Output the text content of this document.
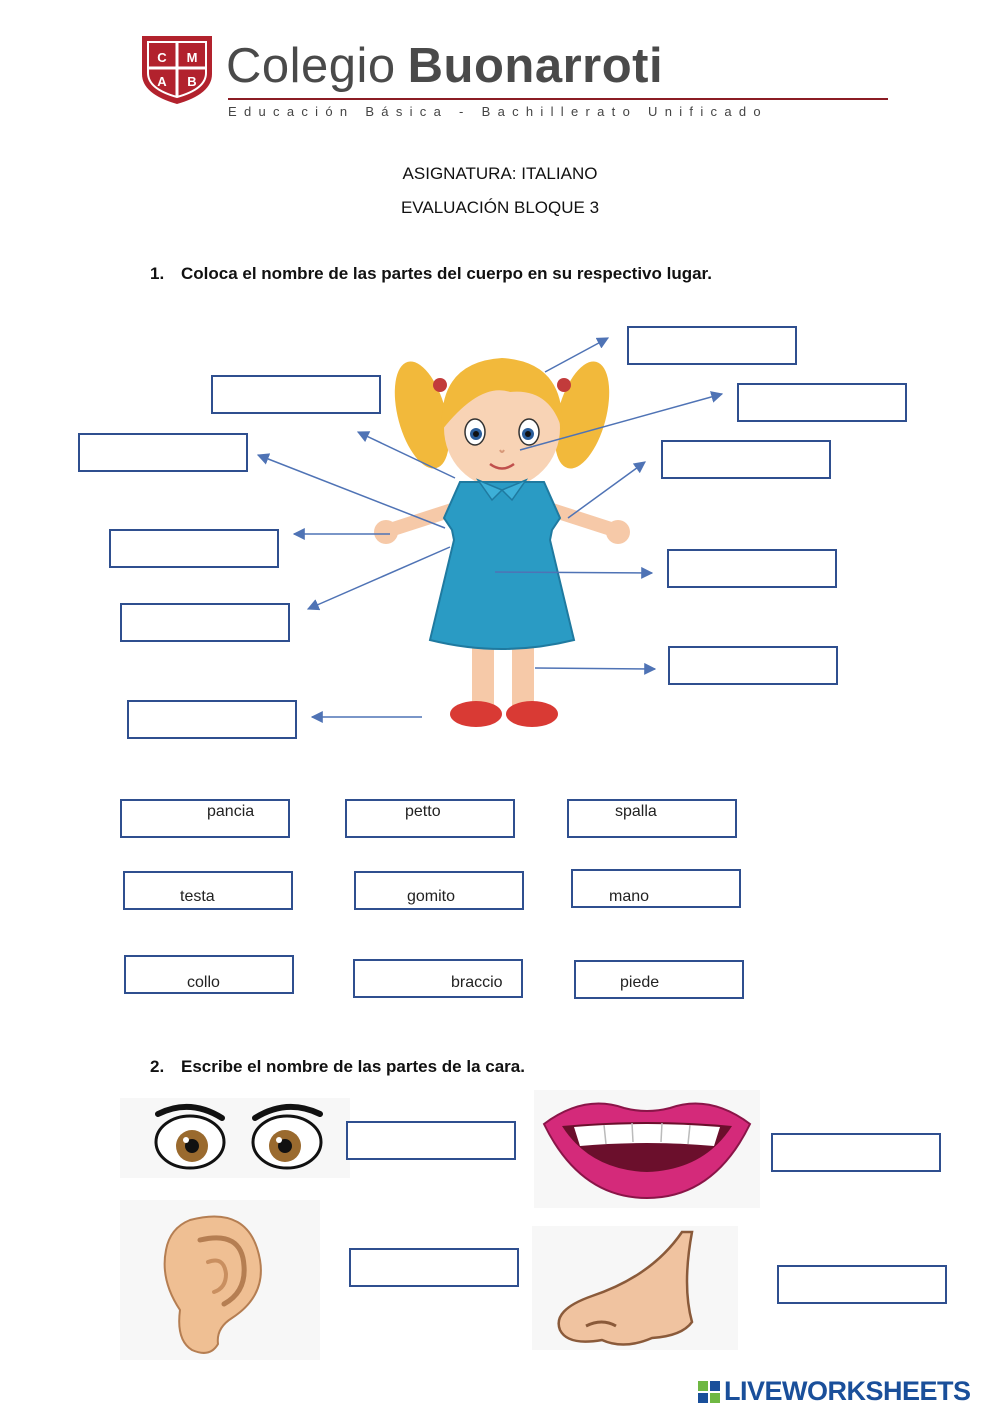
C M
A B Colegio Buonarroti
Educación Básica - Bachillerato Unificado
ASIGNATURA: ITALIANO
EVALUACIÓN BLOQUE 3
1. Coloca el nombre de las partes del cuerpo en su respectivo lugar.
pancia	petto	spalla
testa	gomito	mano
collo	braccio	piede
2. Escribe el nombre de las partes de la cara.
LIVEWORKSHEETS
